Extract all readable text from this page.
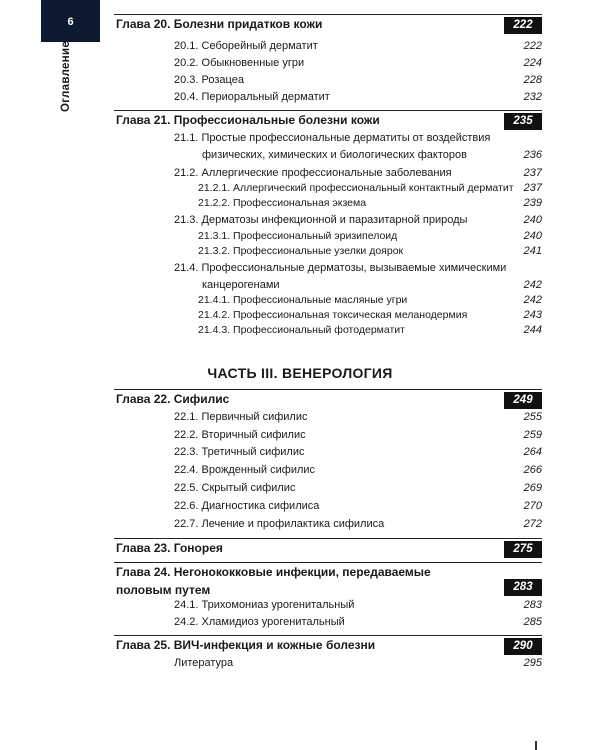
6
Оглавление
Глава 20. Болезни придатков кожи	222
20.1. Себорейный дерматит	222
20.2. Обыкновенные угри	224
20.3. Розацеа	228
20.4. Периоральный дерматит	232
Глава 21. Профессиональные болезни кожи	235
21.1. Простые профессиональные дерматиты от воздействия
физических, химических и биологических факторов	236
21.2. Аллергические профессиональные заболевания	237
21.2.1. Аллергический профессиональный контактный дерматит 237
21.2.2. Профессиональная экзема	239
21.3. Дерматозы инфекционной и паразитарной природы	240
21.3.1. Профессиональный эризипелоид	240
21.3.2. Профессиональные узелки доярок	241
21.4. Профессиональные дерматозы, вызываемые химическими
канцерогенами	242
21.4.1. Профессиональные масляные угри	242
21.4.2. Профессиональная токсическая меланодермия	243
21.4.3. Профессиональный фотодерматит	244
Глава 22. Сифилис	249
22.1. Первичный сифилис	255
22.2. Вторичный сифилис	259
22.3. Третичный сифилис	264
22.4. Врожденный сифилис	266
22.5. Скрытый сифилис	269
22.6. Диагностика сифилиса	270
22.7. Лечение и профилактика сифилиса	272
Глава 23. Гонорея	275
Глава 24. Негонококковые инфекции, передаваемые
половым путем	283
24.1. Трихомониаз урогенитальный	283
24.2. Хламидиоз урогенитальный	285
Глава 25. ВИЧ-инфекция и кожные болезни	290
Литература	295
ЧАСТЬ III. ВЕНЕРОЛОГИЯ
